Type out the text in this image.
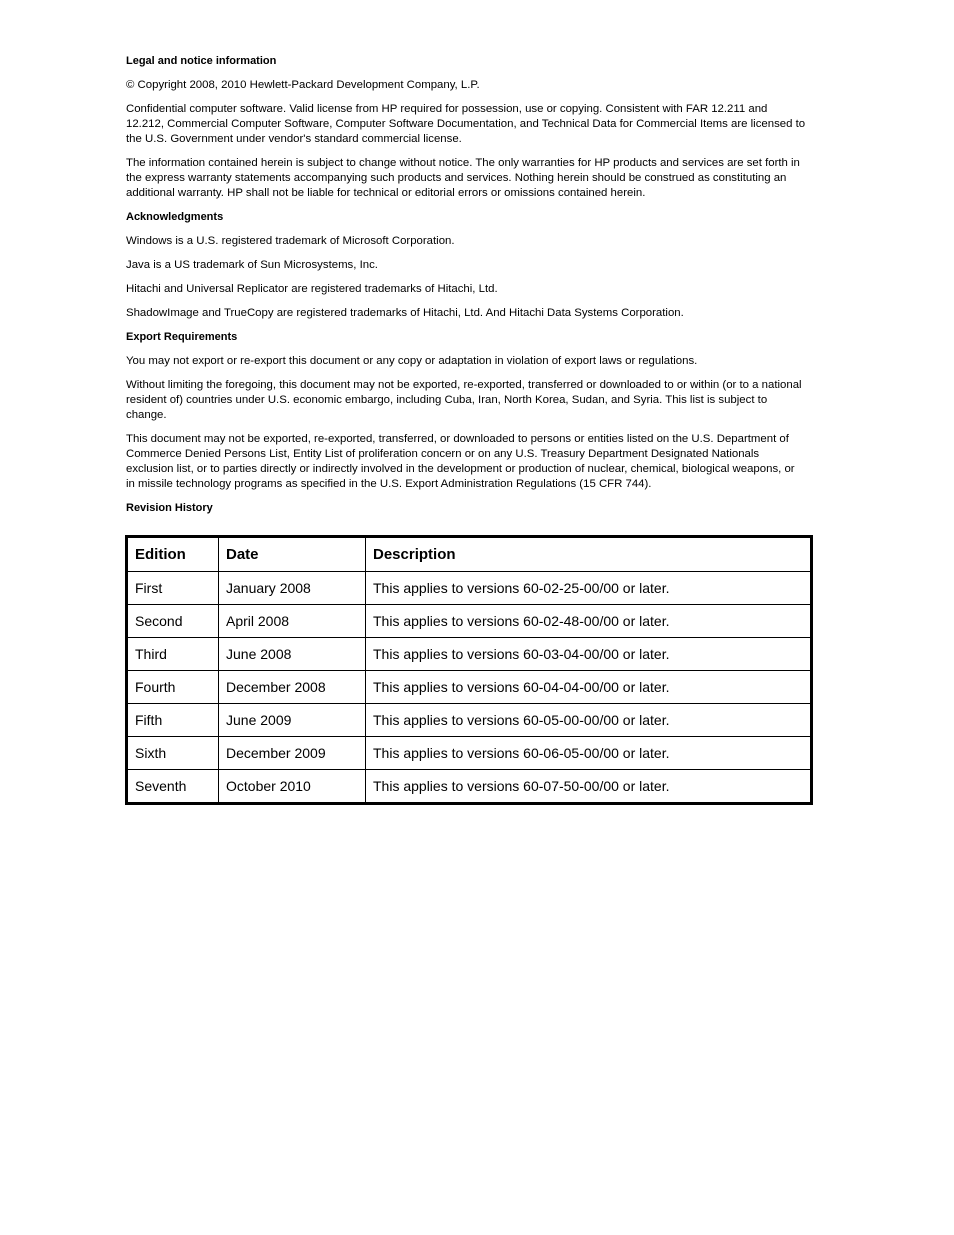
Legal and notice information
© Copyright 2008, 2010 Hewlett-Packard Development Company, L.P.
Confidential computer software. Valid license from HP required for possession, use or copying. Consistent with FAR 12.211 and 12.212, Commercial Computer Software, Computer Software Documentation, and Technical Data for Commercial Items are licensed to the U.S. Government under vendor's standard commercial license.
The information contained herein is subject to change without notice. The only warranties for HP products and services are set forth in the express warranty statements accompanying such products and services. Nothing herein should be construed as constituting an additional warranty. HP shall not be liable for technical or editorial errors or omissions contained herein.
Acknowledgments
Windows is a U.S. registered trademark of Microsoft Corporation.
Java is a US trademark of Sun Microsystems, Inc.
Hitachi and Universal Replicator are registered trademarks of Hitachi, Ltd.
ShadowImage and TrueCopy are registered trademarks of Hitachi, Ltd. And Hitachi Data Systems Corporation.
Export Requirements
You may not export or re-export this document or any copy or adaptation in violation of export laws or regulations.
Without limiting the foregoing, this document may not be exported, re-exported, transferred or downloaded to or within (or to a national resident of) countries under U.S. economic embargo, including Cuba, Iran, North Korea, Sudan, and Syria. This list is subject to change.
This document may not be exported, re-exported, transferred, or downloaded to persons or entities listed on the U.S. Department of Commerce Denied Persons List, Entity List of proliferation concern or on any U.S. Treasury Department Designated Nationals exclusion list, or to parties directly or indirectly involved in the development or production of nuclear, chemical, biological weapons, or in missile technology programs as specified in the U.S. Export Administration Regulations (15 CFR 744).
Revision History
Edition	Date	Description
First	January 2008	This applies to versions 60-02-25-00/00 or later.
Second	April 2008	This applies to versions 60-02-48-00/00 or later.
Third	June 2008	This applies to versions 60-03-04-00/00 or later.
Fourth	December 2008	This applies to versions 60-04-04-00/00 or later.
Fifth	June 2009	This applies to versions 60-05-00-00/00 or later.
Sixth	December 2009	This applies to versions 60-06-05-00/00 or later.
Seventh	October 2010	This applies to versions 60-07-50-00/00 or later.
